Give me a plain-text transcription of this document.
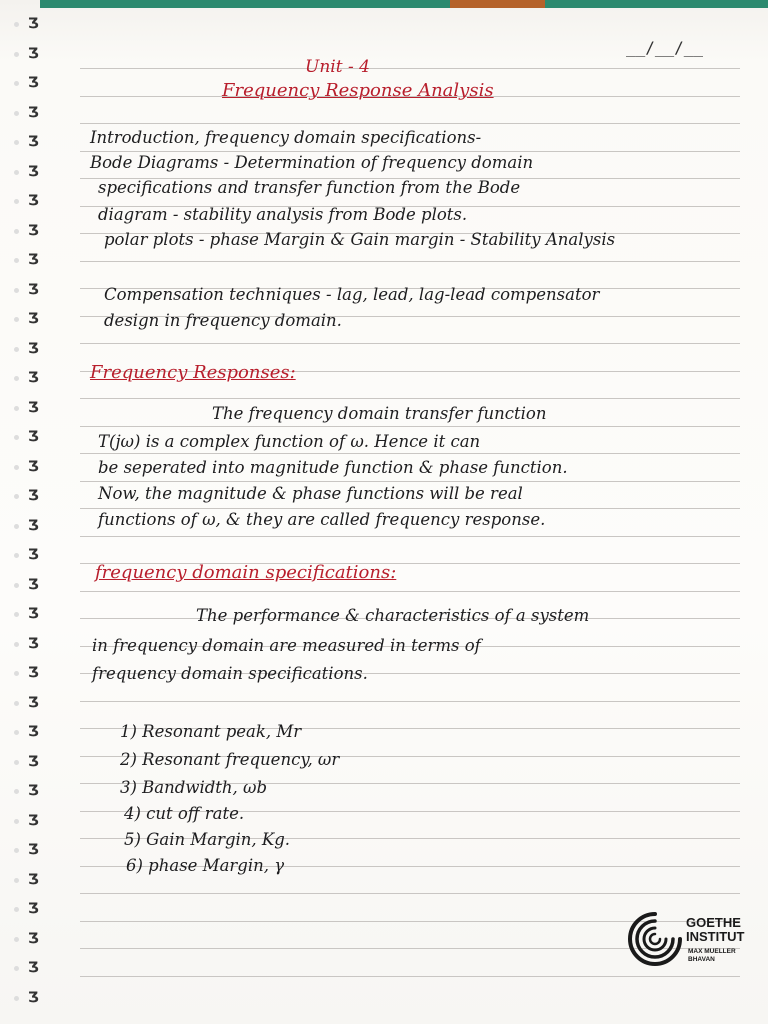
Ʒ
Ʒ
Ʒ
Ʒ
Ʒ
Ʒ
Ʒ
Ʒ
Ʒ
Ʒ
Ʒ
Ʒ
Ʒ
Ʒ
Ʒ
Ʒ
Ʒ
Ʒ
Ʒ
Ʒ
Ʒ
Ʒ
Ʒ
Ʒ
Ʒ
Ʒ
Ʒ
Ʒ
Ʒ
Ʒ
Ʒ
Ʒ
Ʒ
Ʒ
__/__/__
Unit - 4
Frequency Response Analysis
Introduction, frequency domain specifications-
Bode Diagrams - Determination of frequency domain
specifications and transfer function from the Bode
diagram - stability analysis from Bode plots.
polar plots - phase Margin & Gain margin - Stability Analysis
Compensation techniques - lag, lead, lag-lead compensator
design in frequency domain.
Frequency Responses:
The frequency domain transfer function
T(jω) is a complex function of ω. Hence it can
be seperated into magnitude function & phase function.
Now, the magnitude & phase functions will be real
functions of ω, & they are called frequency response.
frequency domain specifications:
The performance & characteristics of a system
in frequency domain are measured in terms of
frequency domain specifications.
1) Resonant peak, Mr
2) Resonant frequency, ωr
3) Bandwidth, ωb
4) cut off rate.
5) Gain Margin, Kg.
6) phase Margin, γ
GOETHE
INSTITUT
MAX MUELLER
BHAVAN
